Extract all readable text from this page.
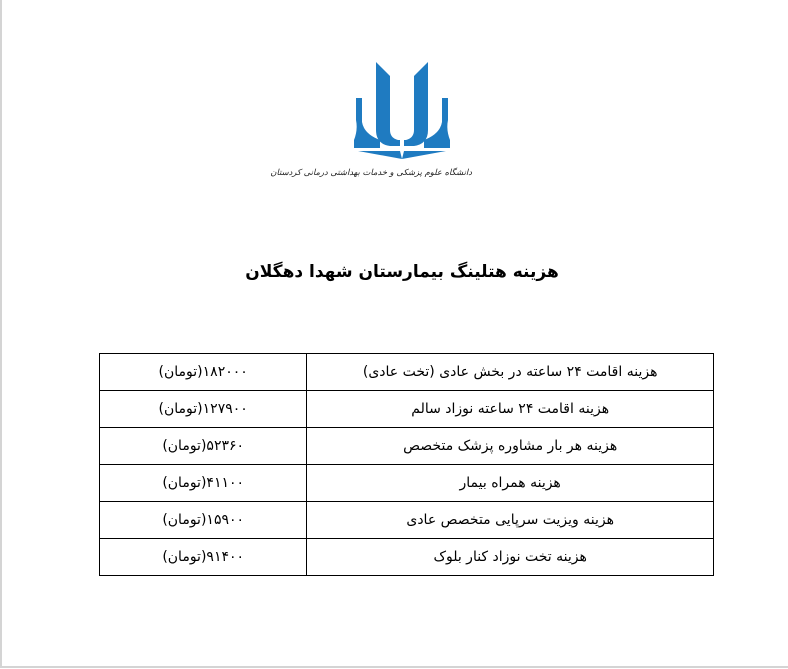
دانشگاه علوم پزشکی و خدمات بهداشتی درمانی کردستان
هزینه هتلینگ بیمارستان شهدا دهگلان
هزینه اقامت ۲۴ ساعته در بخش عادی (تخت عادی)	۱۸۲۰۰۰(تومان)
هزینه اقامت ۲۴ ساعته نوزاد سالم	۱۲۷۹۰۰(تومان)
هزینه هر بار مشاوره پزشک متخصص	۵۲۳۶۰(تومان)
هزینه همراه بیمار	۴۱۱۰۰(تومان)
هزینه ویزیت سرپایی متخصص عادی	۱۵۹۰۰(تومان)
هزینه تخت نوزاد کنار بلوک	۹۱۴۰۰(تومان)
